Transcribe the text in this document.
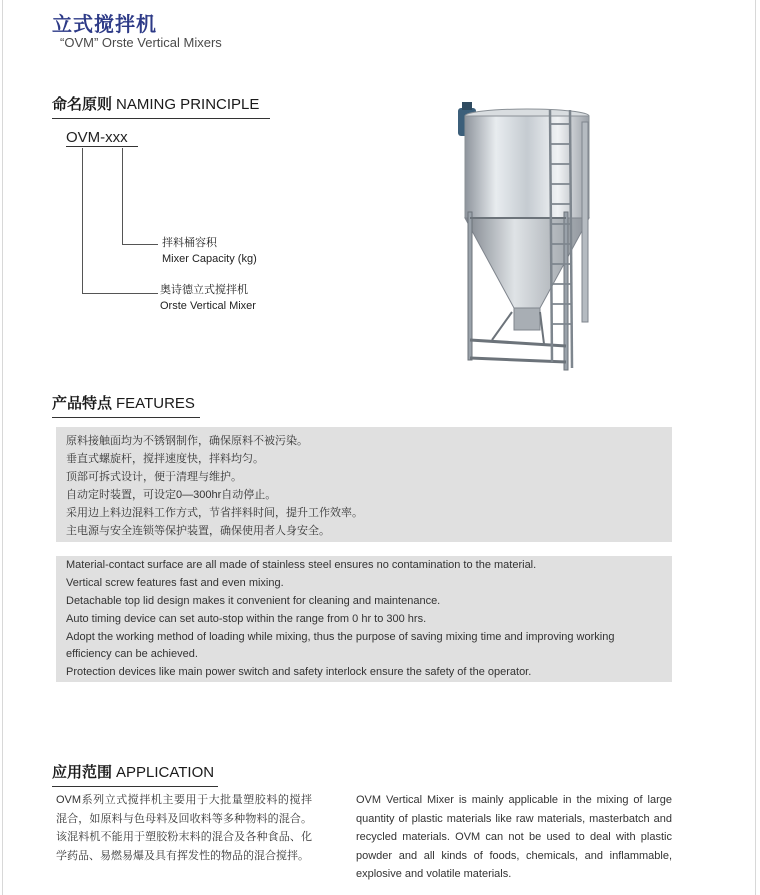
立式搅拌机
“OVM” Orste Vertical Mixers
命名原则 NAMING PRINCIPLE
OVM-xxx
拌料桶容积
Mixer Capacity (kg)
奥诗德立式搅拌机
Orste Vertical Mixer
产品特点 FEATURES
原料接触面均为不锈钢制作，确保原料不被污染。
垂直式螺旋杆，搅拌速度快，拌料均匀。
顶部可拆式设计，便于清理与维护。
自动定时装置，可设定0—300hr自动停止。
采用边上料边混料工作方式，节省拌料时间，提升工作效率。
主电源与安全连锁等保护装置，确保使用者人身安全。
Material-contact surface are all made of stainless steel ensures no contamination to the material.
Vertical screw features fast and even mixing.
Detachable top lid design makes it convenient for cleaning and maintenance.
Auto timing device can set auto-stop within the range from 0 hr to 300 hrs.
Adopt the working method of loading while mixing, thus the purpose of saving mixing time and improving working
efficiency can be achieved.
Protection devices like main power switch and safety interlock ensure the safety of the operator.
应用范围 APPLICATION
OVM系列立式搅拌机主要用于大批量塑胶料的搅拌混合，如原料与色母料及回收料等多种物料的混合。该混料机不能用于塑胶粉末料的混合及各种食品、化学药品、易燃易爆及具有挥发性的物品的混合搅拌。
OVM Vertical Mixer is mainly applicable in the mixing of large quantity of plastic materials like raw materials, masterbatch and recycled materials. OVM can not be used to deal with plastic powder and all kinds of foods, chemicals, and inflammable, explosive and volatile materials.
